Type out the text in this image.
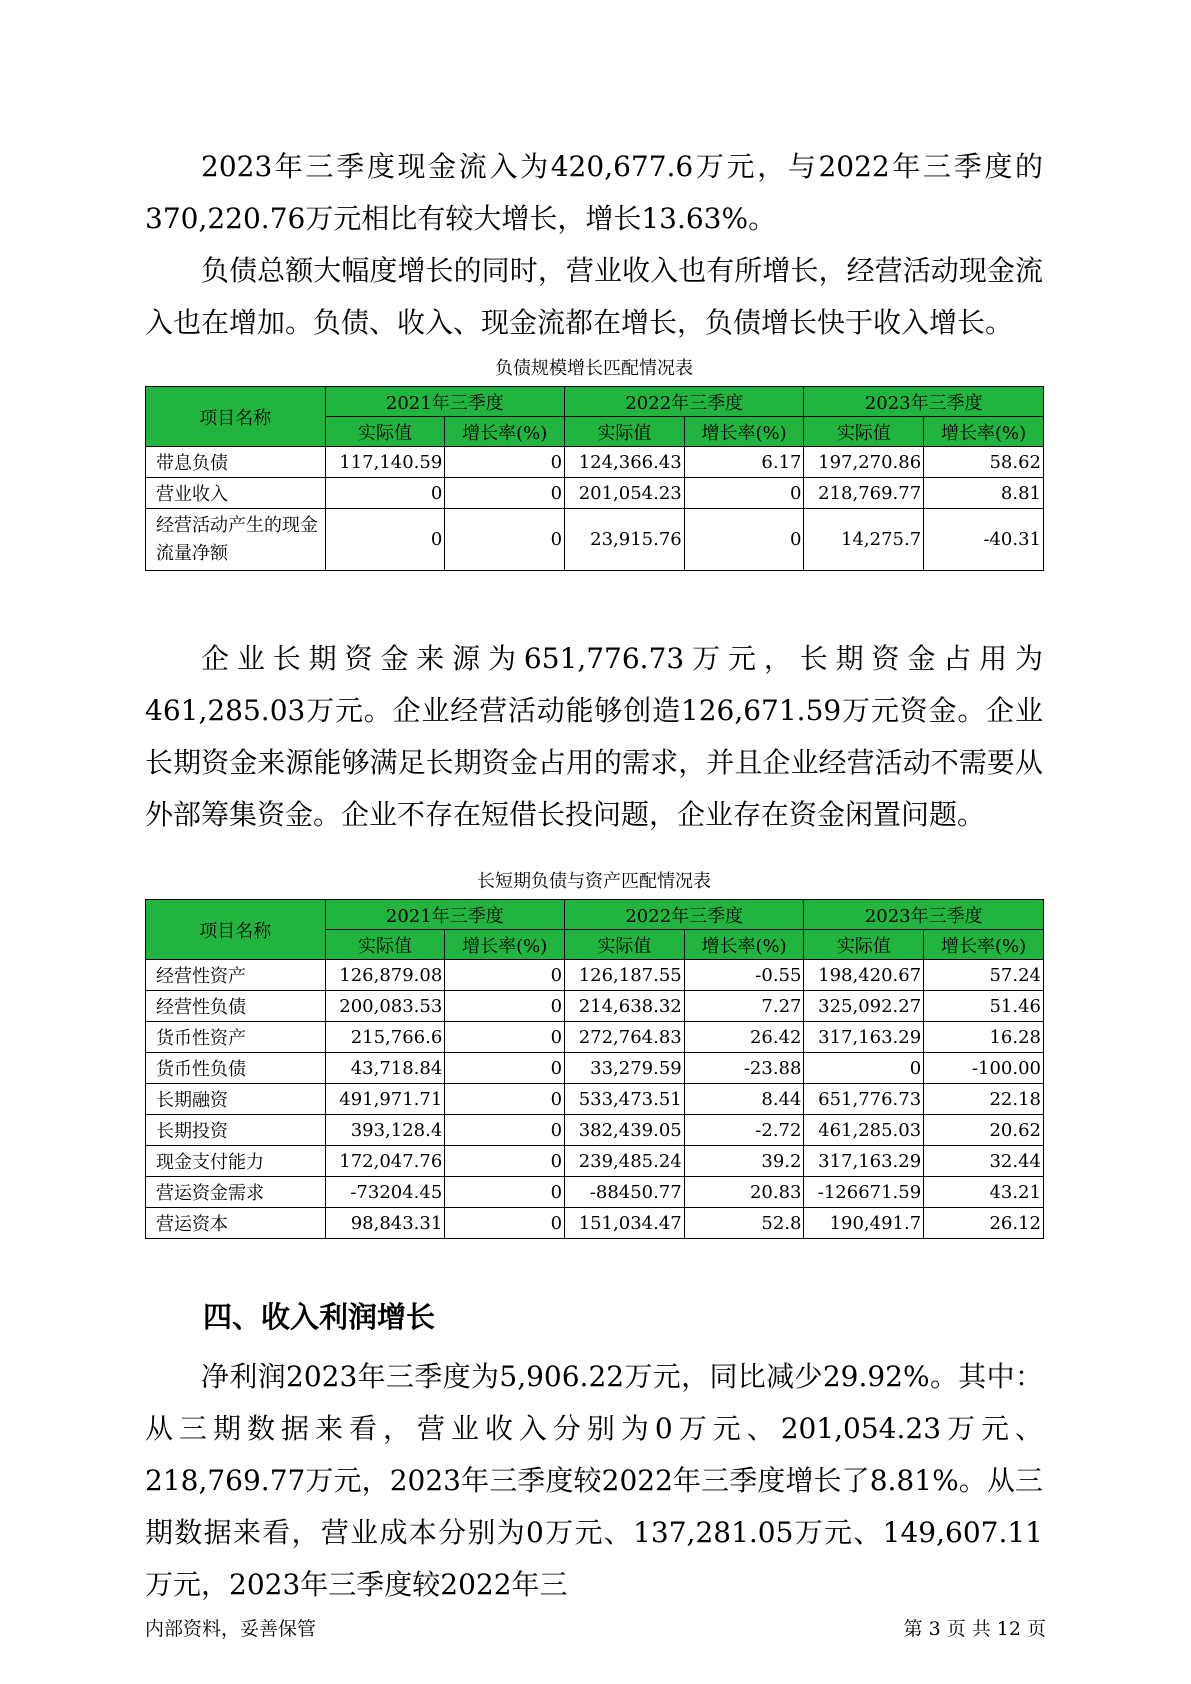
2023年三季度现金流入为420,677.6万元，与2022年三季度的370,220.76万元相比有较大增长，增长13.63%。

负债总额大幅度增长的同时，营业收入也有所增长，经营活动现金流入也在增加。负债、收入、现金流都在增长，负债增长快于收入增长。

负债规模增长匹配情况表
项目名称	2021年三季度		2022年三季度		2023年三季度	
	实际值	增长率(%)	实际值	增长率(%)	实际值	增长率(%)
带息负债	117,140.59	0	124,366.43	6.17	197,270.86	58.62
营业收入	0	0	201,054.23	0	218,769.77	8.81
经营活动产生的现金流量净额	0	0	23,915.76	0	14,275.7	-40.31

企业长期资金来源为651,776.73万元，长期资金占用为461,285.03万元。企业经营活动能够创造126,671.59万元资金。企业长期资金来源能够满足长期资金占用的需求，并且企业经营活动不需要从外部筹集资金。企业不存在短借长投问题，企业存在资金闲置问题。

长短期负债与资产匹配情况表
项目名称	2021年三季度		2022年三季度		2023年三季度	
	实际值	增长率(%)	实际值	增长率(%)	实际值	增长率(%)
经营性资产	126,879.08	0	126,187.55	-0.55	198,420.67	57.24
经营性负债	200,083.53	0	214,638.32	7.27	325,092.27	51.46
货币性资产	215,766.6	0	272,764.83	26.42	317,163.29	16.28
货币性负债	43,718.84	0	33,279.59	-23.88	0	-100.00
长期融资	491,971.71	0	533,473.51	8.44	651,776.73	22.18
长期投资	393,128.4	0	382,439.05	-2.72	461,285.03	20.62
现金支付能力	172,047.76	0	239,485.24	39.2	317,163.29	32.44
营运资金需求	-73204.45	0	-88450.77	20.83	-126671.59	43.21
营运资本	98,843.31	0	151,034.47	52.8	190,491.7	26.12
四、收入利润增长

净利润2023年三季度为5,906.22万元，同比减少29.92%。其中：从三期数据来看，营业收入分别为0万元、201,054.23万元、218,769.77万元，2023年三季度较2022年三季度增长了8.81%。从三期数据来看，营业成本分别为0万元、137,281.05万元、149,607.11万元，2023年三季度较2022年三

内部资料，妥善保管	第 3 页 共 12 页
